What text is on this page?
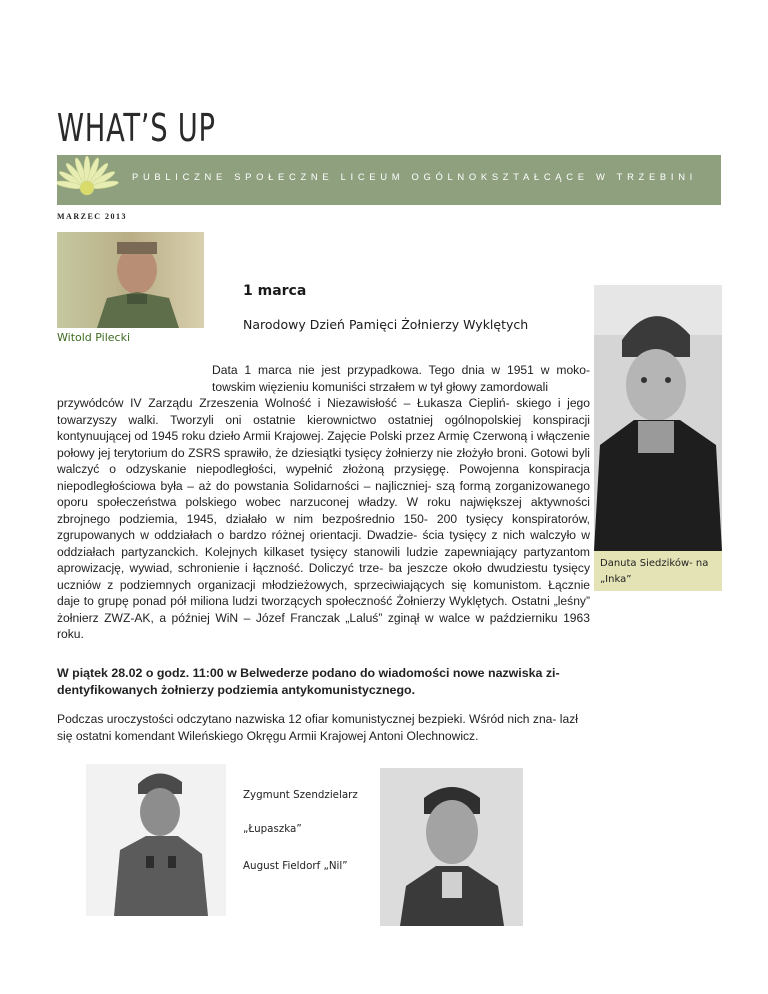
WHAT’S UP
PUBLICZNE SPOŁECZNE LICEUM OGÓLNOKSZTAŁCĄCE W TRZEBINI
MARZEC 2013
Witold Pilecki
1 marca
Narodowy Dzień Pamięci Żołnierzy Wyklętych
Danuta Siedzików- na „Inka”
Data 1 marca nie jest przypadkowa. Tego dnia w 1951 w moko- towskim więzieniu komuniści strzałem w tył głowy zamordowali
przywódców IV Zarządu Zrzeszenia Wolność i Niezawisłość – Łukasza Ciepliń- skiego i jego towarzyszy walki. Tworzyli oni ostatnie kierownictwo ostatniej ogólnopolskiej konspiracji kontynuującej od 1945 roku dzieło Armii Krajowej. Zajęcie Polski przez Armię Czerwoną i włączenie połowy jej terytorium do ZSRS sprawiło, że dziesiątki tysięcy żołnierzy nie złożyło broni. Gotowi byli walczyć o odzyskanie niepodległości, wypełnić złożoną przysięgę. Powojenna konspiracja niepodległościowa była – aż do powstania Solidarności – najliczniej- szą formą zorganizowanego oporu społeczeństwa polskiego wobec narzuconej władzy. W roku największej aktywności zbrojnego podziemia, 1945, działało w nim bezpośrednio 150- 200 tysięcy konspiratorów, zgrupowanych w oddziałach o bardzo różnej orientacji. Dwadzie- ścia tysięcy z nich walczyło w oddziałach partyzanckich. Kolejnych kilkaset tysięcy stanowili ludzie zapewniający partyzantom aprowizację, wywiad, schronienie i łączność. Doliczyć trze- ba jeszcze około dwudziestu tysięcy uczniów z podziemnych organizacji młodzieżowych, sprzeciwiających się komunistom. Łącznie daje to grupę ponad pół miliona ludzi tworzących społeczność Żołnierzy Wyklętych. Ostatni „leśny” żołnierz ZWZ-AK, a później WiN – Józef Franczak „Laluś” zginął w walce w październiku 1963 roku.
W piątek 28.02 o godz. 11:00 w Belwederze podano do wiadomości nowe nazwiska zi- dentyfikowanych żołnierzy podziemia antykomunistycznego.
Podczas uroczystości odczytano nazwiska 12 ofiar komunistycznej bezpieki. Wśród nich zna- lazł się ostatni komendant Wileńskiego Okręgu Armii Krajowej Antoni Olechnowicz.
Zygmunt Szendzielarz
„Łupaszka”
August Fieldorf „Nil”
